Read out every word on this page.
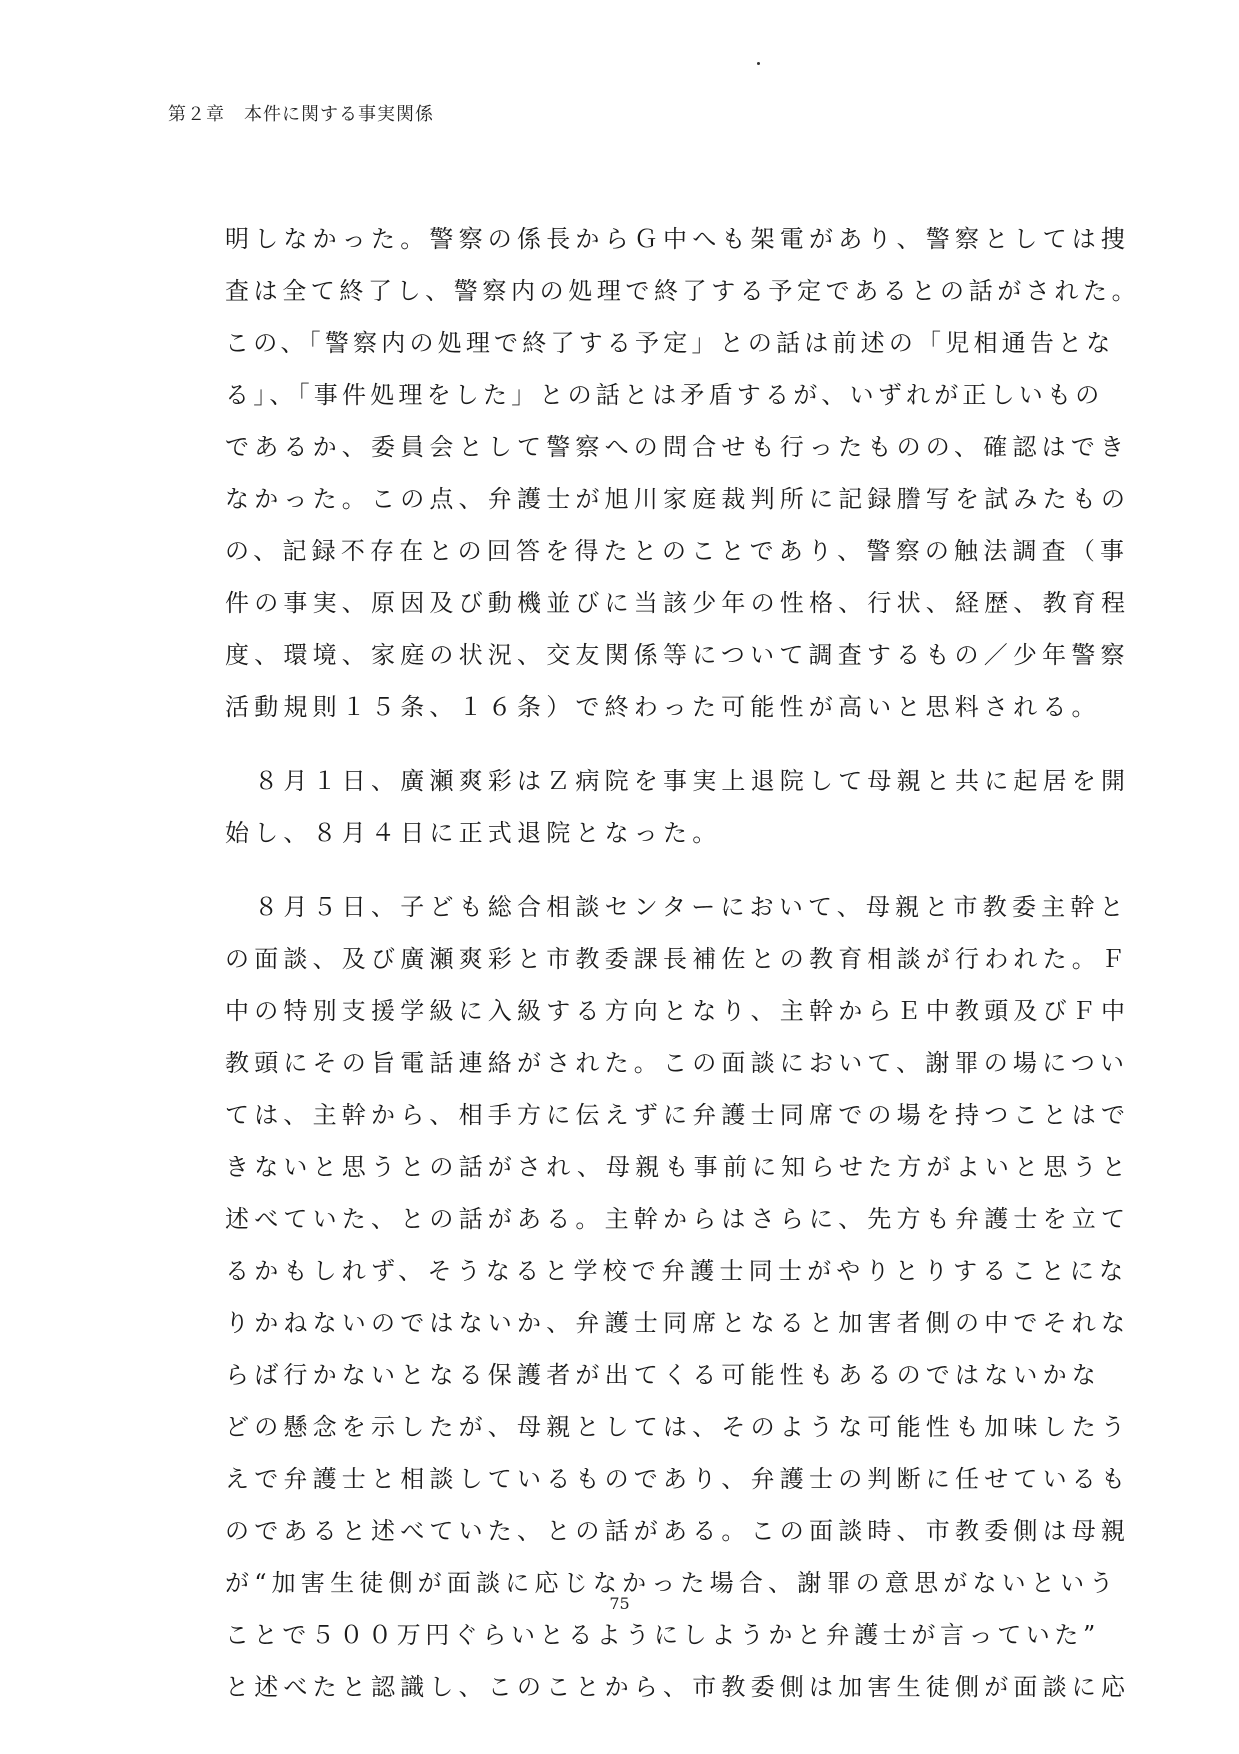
第２章　本件に関する事実関係
明しなかった。警察の係長からＧ中へも架電があり、警察としては捜
査は全て終了し、警察内の処理で終了する予定であるとの話がされた。
この、「警察内の処理で終了する予定」との話は前述の「児相通告とな
る」、「事件処理をした」との話とは矛盾するが、いずれが正しいもの
であるか、委員会として警察への問合せも行ったものの、確認はでき
なかった。この点、弁護士が旭川家庭裁判所に記録謄写を試みたもの
の、記録不存在との回答を得たとのことであり、警察の触法調査（事
件の事実、原因及び動機並びに当該少年の性格、行状、経歴、教育程
度、環境、家庭の状況、交友関係等について調査するもの／少年警察
活動規則１５条、１６条）で終わった可能性が高いと思料される。
　８月１日、廣瀬爽彩はＺ病院を事実上退院して母親と共に起居を開
始し、８月４日に正式退院となった。
　８月５日、子ども総合相談センターにおいて、母親と市教委主幹と
の面談、及び廣瀬爽彩と市教委課長補佐との教育相談が行われた。Ｆ
中の特別支援学級に入級する方向となり、主幹からＥ中教頭及びＦ中
教頭にその旨電話連絡がされた。この面談において、謝罪の場につい
ては、主幹から、相手方に伝えずに弁護士同席での場を持つことはで
きないと思うとの話がされ、母親も事前に知らせた方がよいと思うと
述べていた、との話がある。主幹からはさらに、先方も弁護士を立て
るかもしれず、そうなると学校で弁護士同士がやりとりすることにな
りかねないのではないか、弁護士同席となると加害者側の中でそれな
らば行かないとなる保護者が出てくる可能性もあるのではないかな
どの懸念を示したが、母親としては、そのような可能性も加味したう
えで弁護士と相談しているものであり、弁護士の判断に任せているも
のであると述べていた、との話がある。この面談時、市教委側は母親
が“加害生徒側が面談に応じなかった場合、謝罪の意思がないという
ことで５００万円ぐらいとるようにしようかと弁護士が言っていた”
と述べたと認識し、このことから、市教委側は加害生徒側が面談に応
75
